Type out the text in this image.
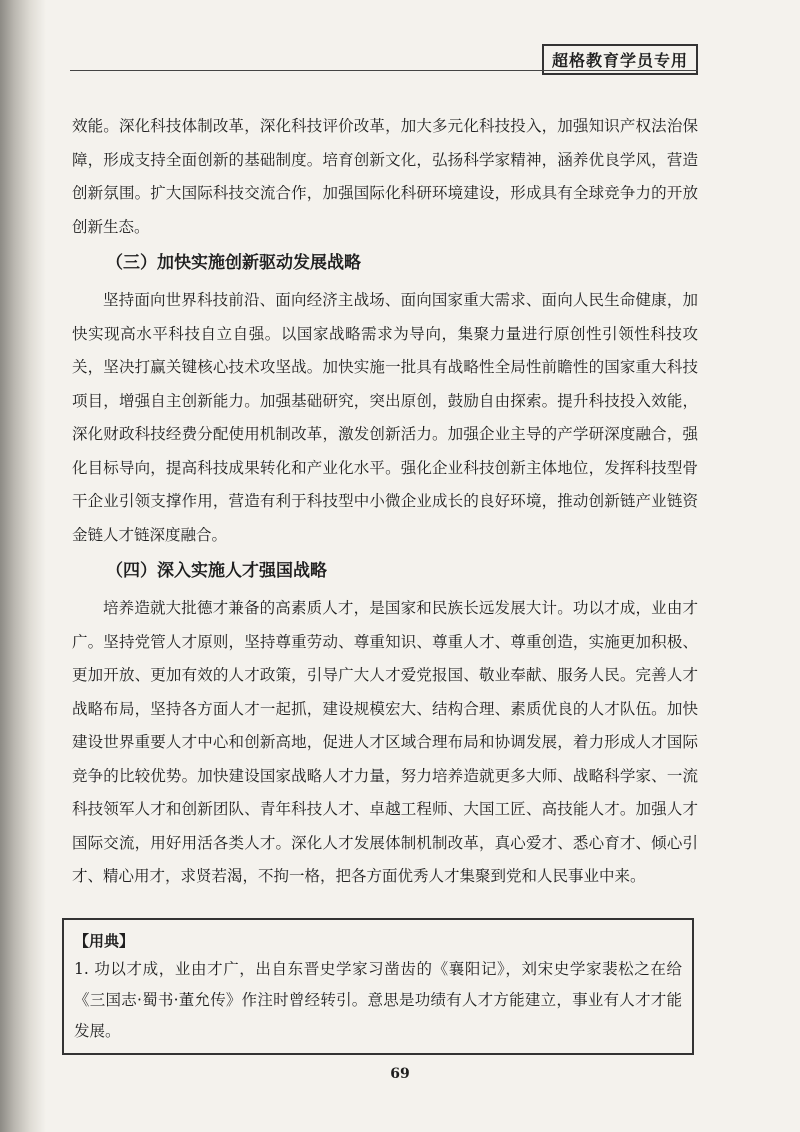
超格教育学员专用

效能。深化科技体制改革，深化科技评价改革，加大多元化科技投入，加强知识产权法治保障，形成支持全面创新的基础制度。培育创新文化，弘扬科学家精神，涵养优良学风，营造创新氛围。扩大国际科技交流合作，加强国际化科研环境建设，形成具有全球竞争力的开放创新生态。

（三）加快实施创新驱动发展战略

坚持面向世界科技前沿、面向经济主战场、面向国家重大需求、面向人民生命健康，加快实现高水平科技自立自强。以国家战略需求为导向，集聚力量进行原创性引领性科技攻关，坚决打赢关键核心技术攻坚战。加快实施一批具有战略性全局性前瞻性的国家重大科技项目，增强自主创新能力。加强基础研究，突出原创，鼓励自由探索。提升科技投入效能，深化财政科技经费分配使用机制改革，激发创新活力。加强企业主导的产学研深度融合，强化目标导向，提高科技成果转化和产业化水平。强化企业科技创新主体地位，发挥科技型骨干企业引领支撑作用，营造有利于科技型中小微企业成长的良好环境，推动创新链产业链资金链人才链深度融合。

（四）深入实施人才强国战略

培养造就大批德才兼备的高素质人才，是国家和民族长远发展大计。功以才成，业由才广。坚持党管人才原则，坚持尊重劳动、尊重知识、尊重人才、尊重创造，实施更加积极、更加开放、更加有效的人才政策，引导广大人才爱党报国、敬业奉献、服务人民。完善人才战略布局，坚持各方面人才一起抓，建设规模宏大、结构合理、素质优良的人才队伍。加快建设世界重要人才中心和创新高地，促进人才区域合理布局和协调发展，着力形成人才国际竞争的比较优势。加快建设国家战略人才力量，努力培养造就更多大师、战略科学家、一流科技领军人才和创新团队、青年科技人才、卓越工程师、大国工匠、高技能人才。加强人才国际交流，用好用活各类人才。深化人才发展体制机制改革，真心爱才、悉心育才、倾心引才、精心用才，求贤若渴，不拘一格，把各方面优秀人才集聚到党和人民事业中来。

【用典】
1. 功以才成，业由才广，出自东晋史学家习凿齿的《襄阳记》，刘宋史学家裴松之在给《三国志·蜀书·董允传》作注时曾经转引。意思是功绩有人才方能建立，事业有人才才能发展。
69
